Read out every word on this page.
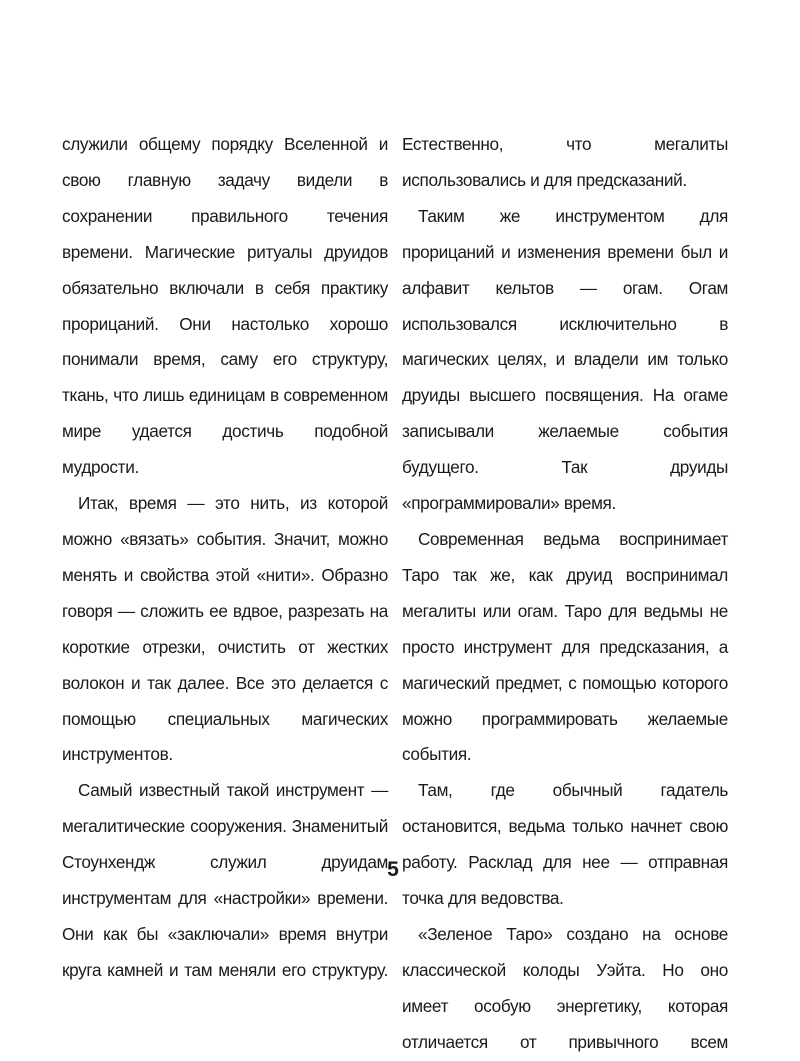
служили общему порядку Вселенной и свою главную задачу видели в сохранении правильного течения времени. Магические ритуалы друидов обязательно включали в себя практику прорицаний. Они настолько хорошо понимали время, саму его структуру, ткань, что лишь единицам в современном мире удается достичь подобной мудрости.

Итак, время — это нить, из которой можно «вязать» события. Значит, можно менять и свойства этой «нити». Образно говоря — сложить ее вдвое, разрезать на короткие отрезки, очистить от жестких волокон и так далее. Все это делается с помощью специальных магических инструментов.

Самый известный такой инструмент — мегалитические сооружения. Знаменитый Стоунхендж служил друидам инструментам для «настройки» времени. Они как бы «заключали» время внутри круга камней и там меняли его структуру.

Естественно, что мегалиты использовались и для предсказаний.

Таким же инструментом для прорицаний и изменения времени был и алфавит кельтов — огам. Огам использовался исключительно в магических целях, и владели им только друиды высшего посвящения. На огаме записывали желаемые события будущего. Так друиды «программировали» время.

Современная ведьма воспринимает Таро так же, как друид воспринимал мегалиты или огам. Таро для ведьмы не просто инструмент для предсказания, а магический предмет, с помощью которого можно программировать желаемые события.

Там, где обычный гадатель остановится, ведьма только начнет свою работу. Расклад для нее — отправная точка для ведовства.

«Зеленое Таро» создано на основе классической колоды Уэйта. Но оно имеет особую энергетику, которая отличается от привычного всем

5
